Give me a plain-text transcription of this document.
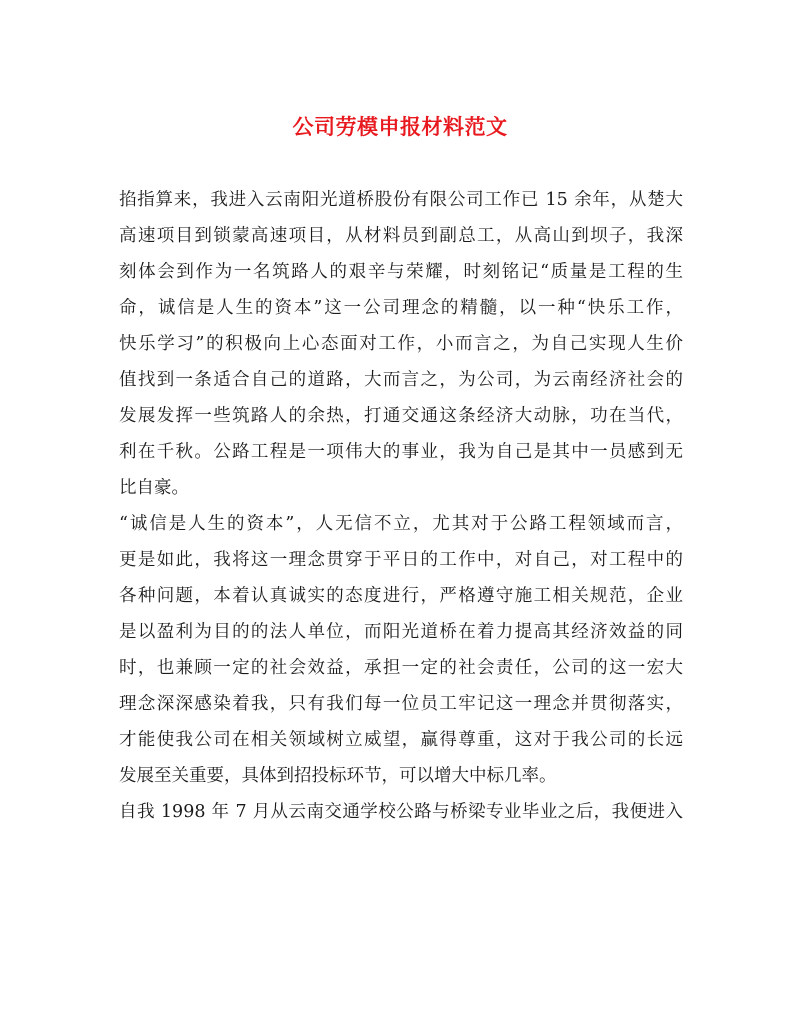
公司劳模申报材料范文
掐指算来，我进入云南阳光道桥股份有限公司工作已 15 余年，从楚大
高速项目到锁蒙高速项目，从材料员到副总工，从高山到坝子，我深
刻体会到作为一名筑路人的艰辛与荣耀，时刻铭记“质量是工程的生
命，诚信是人生的资本”这一公司理念的精髓，以一种“快乐工作，
快乐学习”的积极向上心态面对工作，小而言之，为自己实现人生价
值找到一条适合自己的道路，大而言之，为公司，为云南经济社会的
发展发挥一些筑路人的余热，打通交通这条经济大动脉，功在当代，
利在千秋。公路工程是一项伟大的事业，我为自己是其中一员感到无
比自豪。
“诚信是人生的资本”，人无信不立，尤其对于公路工程领域而言，
更是如此，我将这一理念贯穿于平日的工作中，对自己，对工程中的
各种问题，本着认真诚实的态度进行，严格遵守施工相关规范，企业
是以盈利为目的的法人单位，而阳光道桥在着力提高其经济效益的同
时，也兼顾一定的社会效益，承担一定的社会责任，公司的这一宏大
理念深深感染着我，只有我们每一位员工牢记这一理念并贯彻落实，
才能使我公司在相关领域树立威望，赢得尊重，这对于我公司的长远
发展至关重要，具体到招投标环节，可以增大中标几率。
自我 1998 年 7 月从云南交通学校公路与桥梁专业毕业之后，我便进入
